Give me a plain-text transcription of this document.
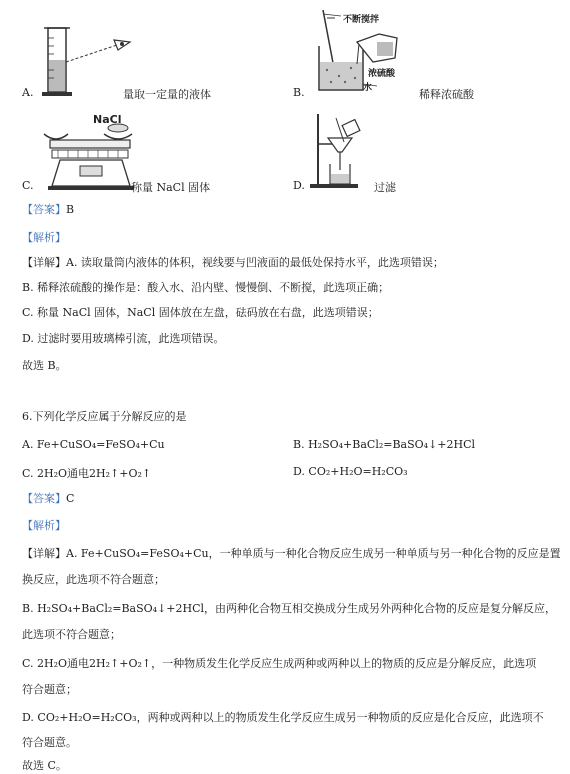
不断搅拌
浓硫酸
水
NaCl
A.	量取一定量的液体	B.	稀释浓硫酸
C.	称量 NaCl 固体	D.	过滤
【答案】B
【解析】
【详解】A. 读取量筒内液体的体积，视线要与凹液面的最低处保持水平，此选项错误；
B. 稀释浓硫酸的操作是：酸入水、沿内壁、慢慢倒、不断搅，此选项正确；
C. 称量 NaCl 固体，NaCl 固体放在左盘，砝码放在右盘，此选项错误；
D. 过滤时要用玻璃棒引流，此选项错误。
故选 B。
6.下列化学反应属于分解反应的是
A. Fe+CuSO₄=FeSO₄+Cu	B. H₂SO₄+BaCl₂=BaSO₄↓+2HCl
C. 2H₂O通电2H₂↑+O₂↑	D. CO₂+H₂O=H₂CO₃
【答案】C
【解析】
【详解】A. Fe+CuSO₄=FeSO₄+Cu，一种单质与一种化合物反应生成另一种单质与另一种化合物的反应是置
换反应，此选项不符合题意；
B. H₂SO₄+BaCl₂=BaSO₄↓+2HCl，由两种化合物互相交换成分生成另外两种化合物的反应是复分解反应，
此选项不符合题意；
C. 2H₂O通电2H₂↑+O₂↑，一种物质发生化学反应生成两种或两种以上的物质的反应是分解反应，此选项
符合题意；
D. CO₂+H₂O=H₂CO₃，两种或两种以上的物质发生化学反应生成另一种物质的反应是化合反应，此选项不
符合题意。
故选 C。
